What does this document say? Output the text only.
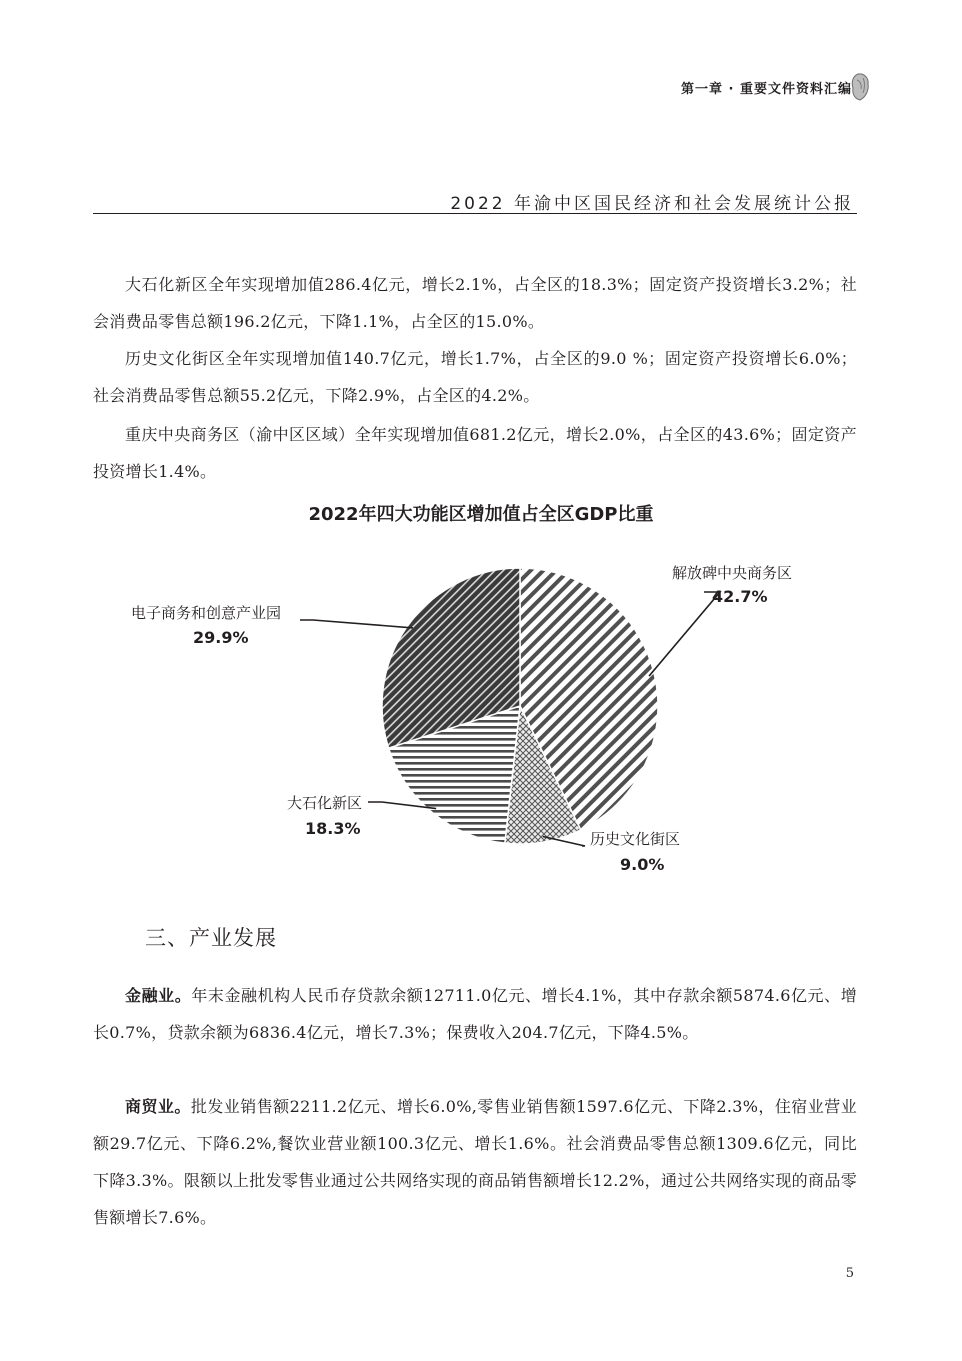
第一章 · 重要文件资料汇编
2022 年渝中区国民经济和社会发展统计公报

大石化新区全年实现增加值286.4亿元，增长2.1%，占全区的18.3%；固定资产投资增长3.2%；社会消费品零售总额196.2亿元，下降1.1%，占全区的15.0%。

历史文化街区全年实现增加值140.7亿元，增长1.7%，占全区的9.0 %；固定资产投资增长6.0%；社会消费品零售总额55.2亿元，下降2.9%，占全区的4.2%。

重庆中央商务区（渝中区区域）全年实现增加值681.2亿元，增长2.0%，占全区的43.6%；固定资产投资增长1.4%。

2022年四大功能区增加值占全区GDP比重
解放碑中央商务区
42.7%
历史文化街区
9.0%
大石化新区
18.3%
电子商务和创意产业园
29.9%
三、产业发展

金融业。年末金融机构人民币存贷款余额12711.0亿元、增长4.1%，其中存款余额5874.6亿元、增长0.7%，贷款余额为6836.4亿元，增长7.3%；保费收入204.7亿元，下降4.5%。

商贸业。批发业销售额2211.2亿元、增长6.0%,零售业销售额1597.6亿元、下降2.3%，住宿业营业额29.7亿元、下降6.2%,餐饮业营业额100.3亿元、增长1.6%。社会消费品零售总额1309.6亿元，同比下降3.3%。限额以上批发零售业通过公共网络实现的商品销售额增长12.2%，通过公共网络实现的商品零售额增长7.6%。

5
